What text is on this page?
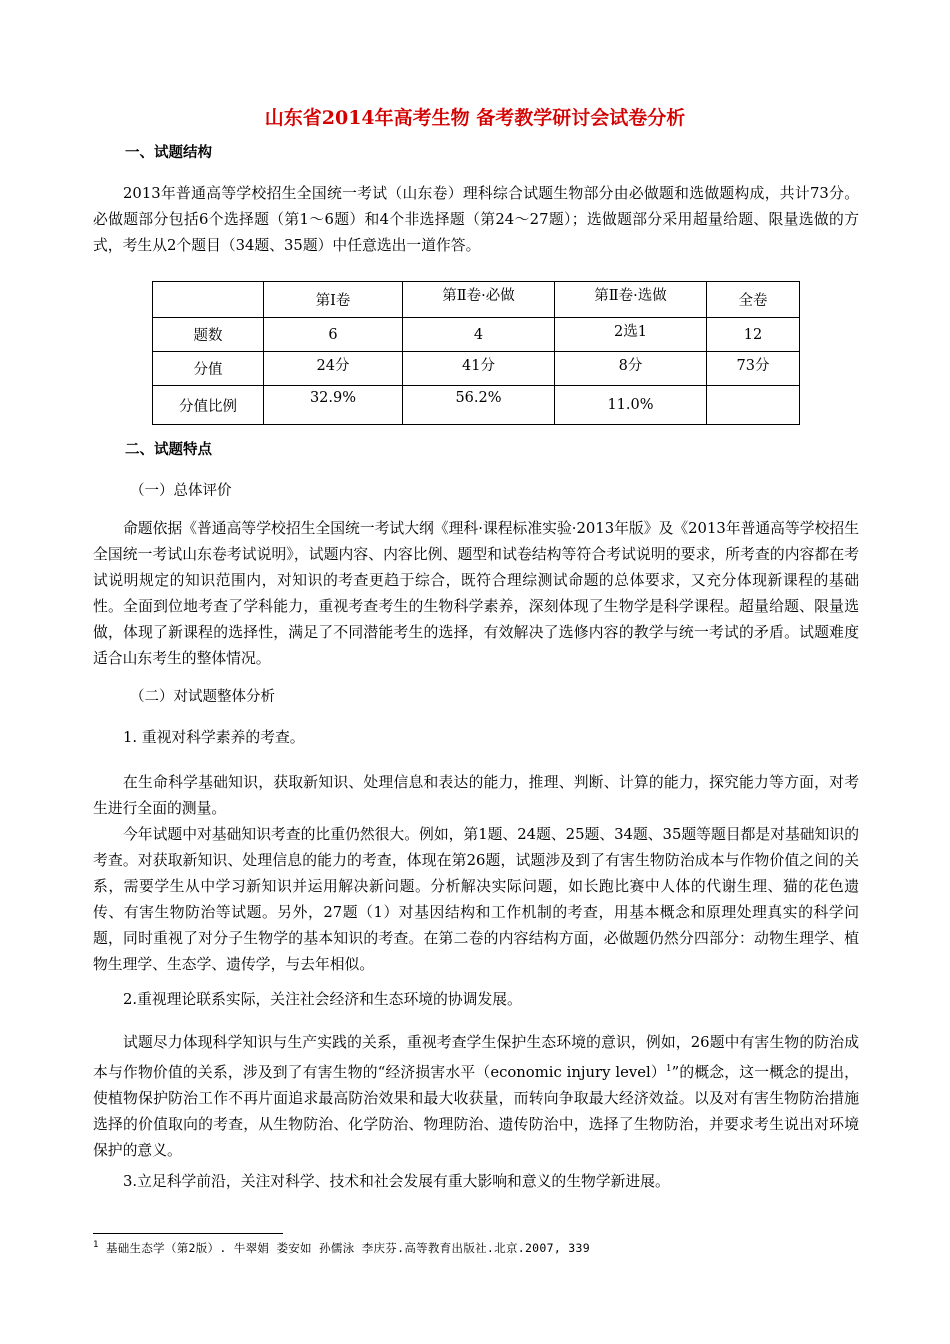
山东省2014年高考生物 备考教学研讨会试卷分析
一、试题结构

2013年普通高等学校招生全国统一考试（山东卷）理科综合试题生物部分由必做题和选做题构成，共计73分。必做题部分包括6个选择题（第1～6题）和4个非选择题（第24～27题）；选做题部分采用超量给题、限量选做的方式，考生从2个题目（34题、35题）中任意选出一道作答。

	第Ⅰ卷	第Ⅱ卷·必做	第Ⅱ卷·选做	全卷
题数	6	4	2选1	12
分值	24分	41分	8分	73分
分值比例	32.9%	56.2%	11.0%	
二、试题特点
（一）总体评价

命题依据《普通高等学校招生全国统一考试大纲《理科·课程标准实验·2013年版》及《2013年普通高等学校招生全国统一考试山东卷考试说明》，试题内容、内容比例、题型和试卷结构等符合考试说明的要求，所考查的内容都在考试说明规定的知识范围内，对知识的考查更趋于综合，既符合理综测试命题的总体要求，又充分体现新课程的基础性。全面到位地考查了学科能力，重视考查考生的生物科学素养，深刻体现了生物学是科学课程。超量给题、限量选做，体现了新课程的选择性，满足了不同潜能考生的选择，有效解决了选修内容的教学与统一考试的矛盾。试题难度适合山东考生的整体情况。

（二）对试题整体分析
1. 重视对科学素养的考查。

在生命科学基础知识，获取新知识、处理信息和表达的能力，推理、判断、计算的能力，探究能力等方面，对考生进行全面的测量。

今年试题中对基础知识考查的比重仍然很大。例如，第1题、24题、25题、34题、35题等题目都是对基础知识的考查。对获取新知识、处理信息的能力的考查，体现在第26题，试题涉及到了有害生物防治成本与作物价值之间的关系，需要学生从中学习新知识并运用解决新问题。分析解决实际问题，如长跑比赛中人体的代谢生理、猫的花色遗传、有害生物防治等试题。另外，27题（1）对基因结构和工作机制的考查，用基本概念和原理处理真实的科学问题，同时重视了对分子生物学的基本知识的考查。在第二卷的内容结构方面，必做题仍然分四部分：动物生理学、植物生理学、生态学、遗传学，与去年相似。

2.重视理论联系实际，关注社会经济和生态环境的协调发展。

试题尽力体现科学知识与生产实践的关系，重视考查学生保护生态环境的意识，例如，26题中有害生物的防治成本与作物价值的关系，涉及到了有害生物的“经济损害水平（economic injury level）$^1$”的概念，这一概念的提出，使植物保护防治工作不再片面追求最高防治效果和最大收获量，而转向争取最大经济效益。以及对有害生物防治措施选择的价值取向的考查，从生物防治、化学防治、物理防治、遗传防治中，选择了生物防治，并要求考生说出对环境保护的意义。

3.立足科学前沿，关注对科学、技术和社会发展有重大影响和意义的生物学新进展。
$^1$ 基础生态学（第2版）. 牛翠娟 娄安如 孙儒泳 李庆芬.高等教育出版社.北京.2007, 339
